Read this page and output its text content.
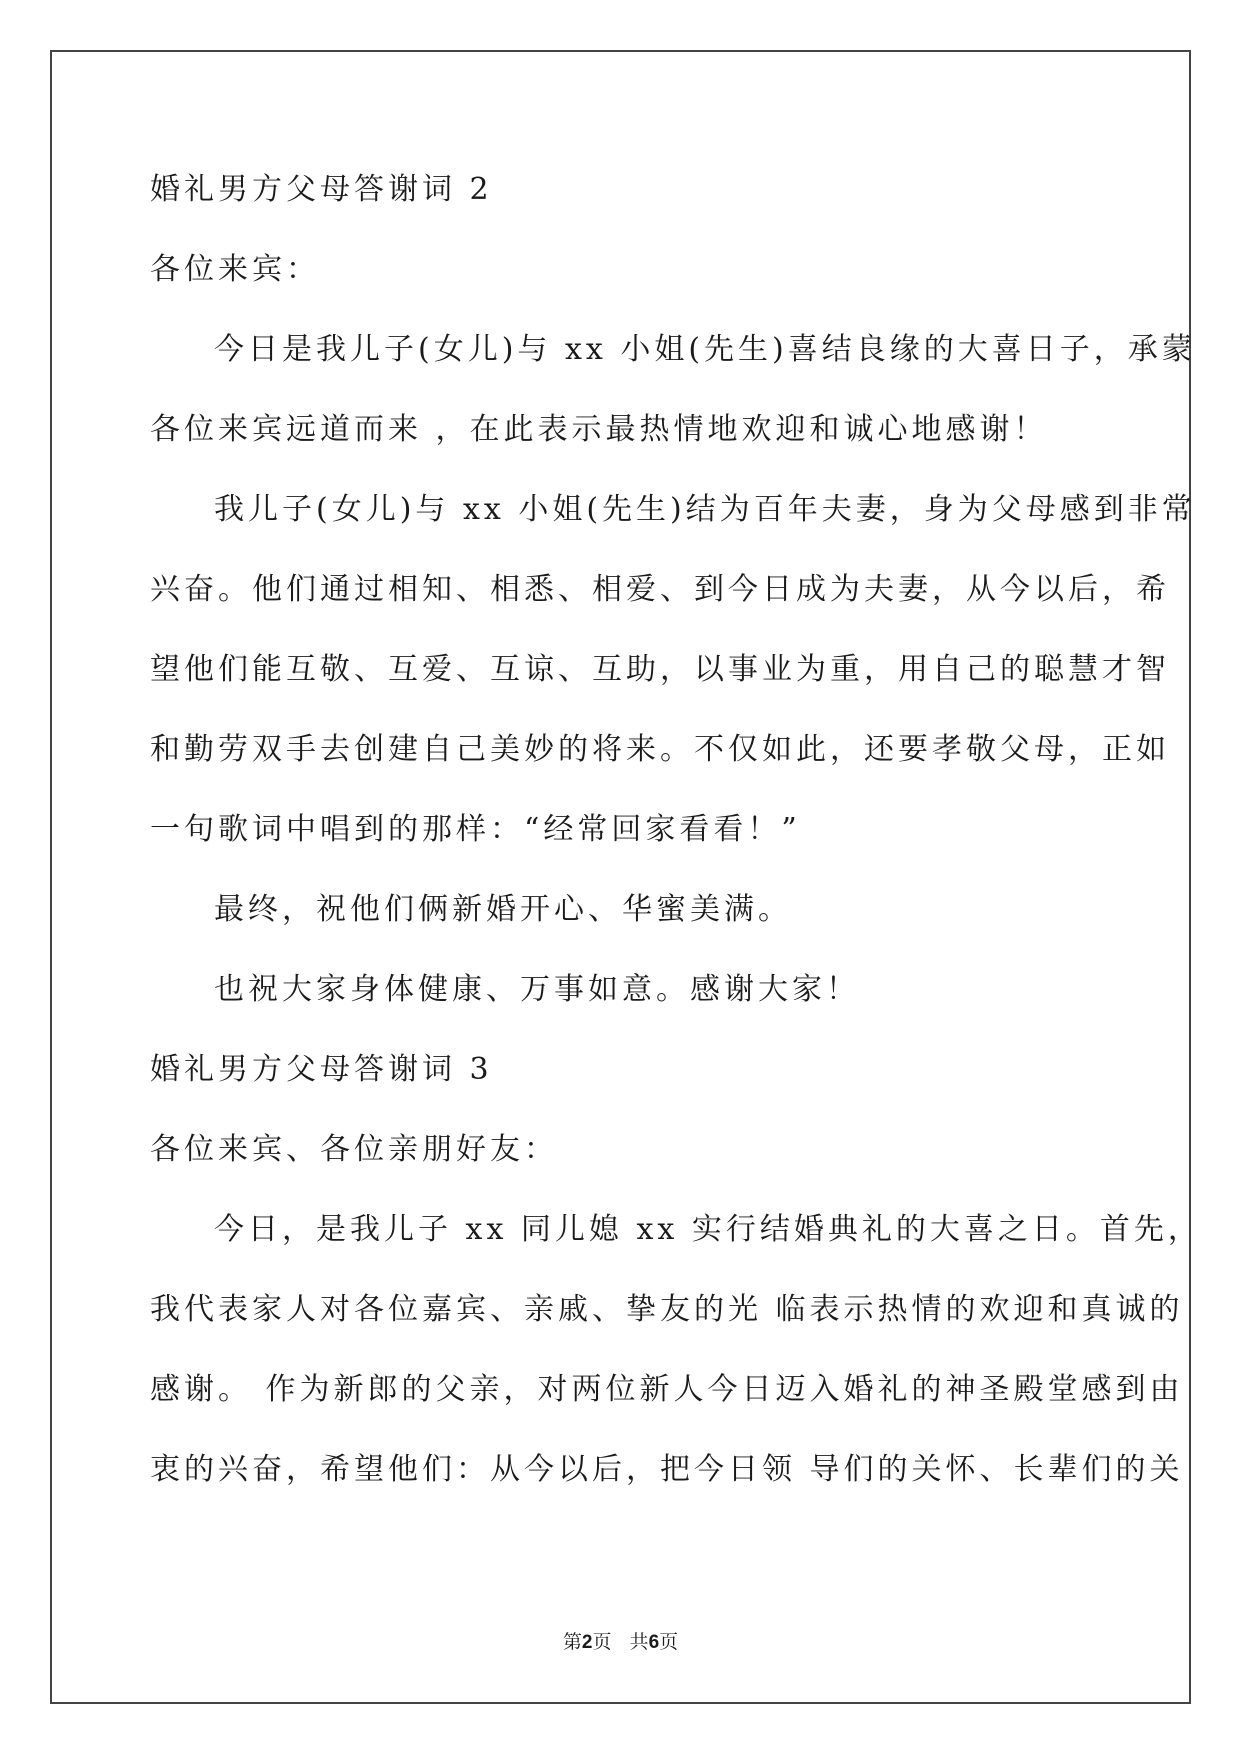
婚礼男方父母答谢词 2
各位来宾：
今日是我儿子(女儿)与 xx 小姐(先生)喜结良缘的大喜日子，承蒙
各位来宾远道而来 ，在此表示最热情地欢迎和诚心地感谢！
我儿子(女儿)与 xx 小姐(先生)结为百年夫妻，身为父母感到非常
兴奋。他们通过相知、相悉、相爱、到今日成为夫妻，从今以后，希
望他们能互敬、互爱、互谅、互助，以事业为重，用自己的聪慧才智
和勤劳双手去创建自己美妙的将来。不仅如此，还要孝敬父母，正如
一句歌词中唱到的那样：“经常回家看看！”
最终，祝他们俩新婚开心、华蜜美满。
也祝大家身体健康、万事如意。感谢大家！
婚礼男方父母答谢词 3
各位来宾、各位亲朋好友：
今日，是我儿子 xx 同儿媳 xx 实行结婚典礼的大喜之日。首先，
我代表家人对各位嘉宾、亲戚、挚友的光 临表示热情的欢迎和真诚的
感谢。 作为新郎的父亲，对两位新人今日迈入婚礼的神圣殿堂感到由
衷的兴奋，希望他们：从今以后，把今日领 导们的关怀、长辈们的关
第2页   共6页
